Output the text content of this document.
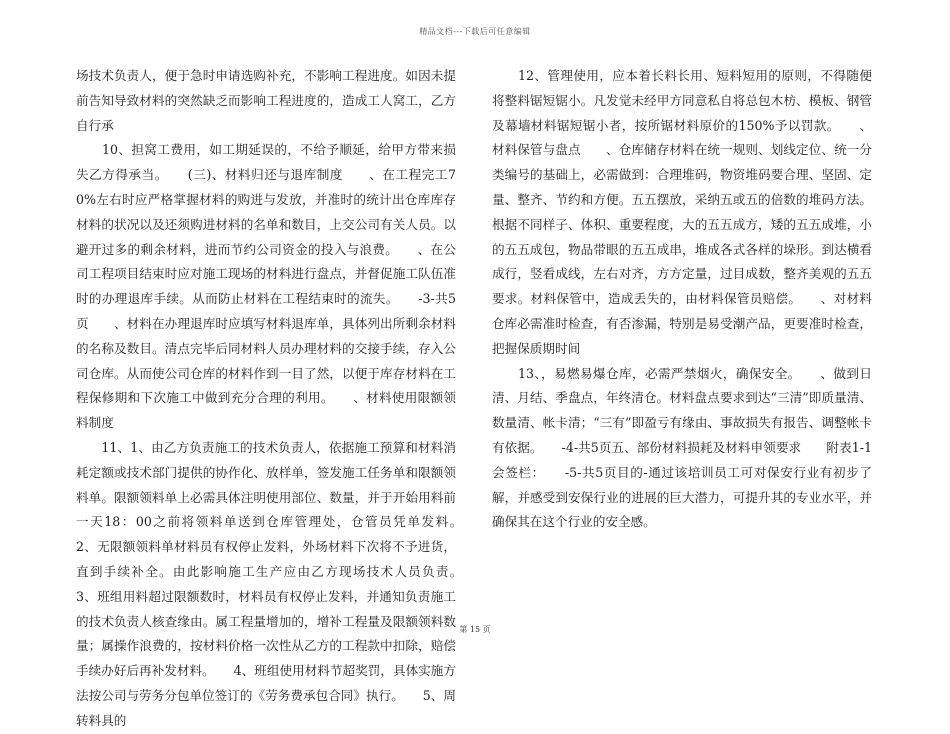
精品文档---下载后可任意编辑

场技术负责人，便于急时申请选购补充，不影响工程进度。如因未提前告知导致材料的突然缺乏而影响工程进度的，造成工人窝工，乙方自行承

　　10、担窝工费用，如工期延误的，不给予顺延，给甲方带来损失乙方得承当。　　(三)、材料归还与退库制度　　、在工程完工70%左右时应严格掌握材料的购进与发放，并准时的统计出仓库库存材料的状况以及还须购进材料的名单和数目，上交公司有关人员。以避开过多的剩余材料，进而节约公司资金的投入与浪费。　　、在公司工程项目结束时应对施工现场的材料进行盘点，并督促施工队伍准时的办理退库手续。从而防止材料在工程结束时的流失。　　-3-共5页　　、材料在办理退库时应填写材料退库单，具体列出所剩余材料的名称及数目。清点完毕后同材料人员办理材料的交接手续，存入公司仓库。从而使公司仓库的材料作到一目了然，以便于库存材料在工程保修期和下次施工中做到充分合理的利用。　　、材料使用限额领料制度

　　11、1、由乙方负责施工的技术负责人，依据施工预算和材料消耗定额或技术部门提供的协作化、放样单，签发施工任务单和限额领料单。限额领料单上必需具体注明使用部位、数量，并于开始用料前一天18：00之前将领料单送到仓库管理处，仓管员凭单发料。　　2、无限额领料单材料员有权停止发料，外场材料下次将不予进货，直到手续补全。由此影响施工生产应由乙方现场技术人员负责。　　3、班组用料超过限额数时，材料员有权停止发料，并通知负责施工的技术负责人核查缘由。属工程量增加的，增补工程量及限额领料数量；属操作浪费的，按材料价格一次性从乙方的工程款中扣除，赔偿手续办好后再补发材料。　　4、班组使用材料节超奖罚，具体实施方法按公司与劳务分包单位签订的《劳务费承包合同》执行。　　5、周转料具的

　　12、管理使用，应本着长料长用、短料短用的原则，不得随便将整料锯短锯小。凡发觉未经甲方同意私自将总包木枋、模板、钢管及幕墙材料锯短锯小者，按所锯材料原价的150%予以罚款。　　、材料保管与盘点　　、仓库储存材料在统一规则、划线定位、统一分类编号的基础上，必需做到：合理堆码，物资堆码要合理、坚固、定量、整齐、节约和方便。五五摆放，采纳五或五的倍数的堆码方法。根据不同样子、体积、重要程度，大的五五成方，矮的五五成堆，小的五五成包，物品带眼的五五成串，堆成各式各样的垛形。到达横看成行，竖看成线，左右对齐，方方定量，过目成数，整齐美观的五五要求。材料保管中，造成丢失的，由材料保管员赔偿。　　、对材料仓库必需准时检查，有否渗漏，特别是易受潮产品，更要准时检查，把握保质期时间

　　13、，易燃易爆仓库，必需严禁烟火，确保安全。　　、做到日清、月结、季盘点，年终清仓。材料盘点要求到达“三清”即质量清、数量清、帐卡清；“三有”即盈亏有缘由、事故损失有报告、调整帐卡有依据。　　-4-共5页五、部份材料损耗及材料申领要求　　附表1-1　　会签栏：　　-5-共5页目的-通过该培训员工可对保安行业有初步了解，并感受到安保行业的进展的巨大潜力，可提升其的专业水平，并确保其在这个行业的安全感。

第 15 页
